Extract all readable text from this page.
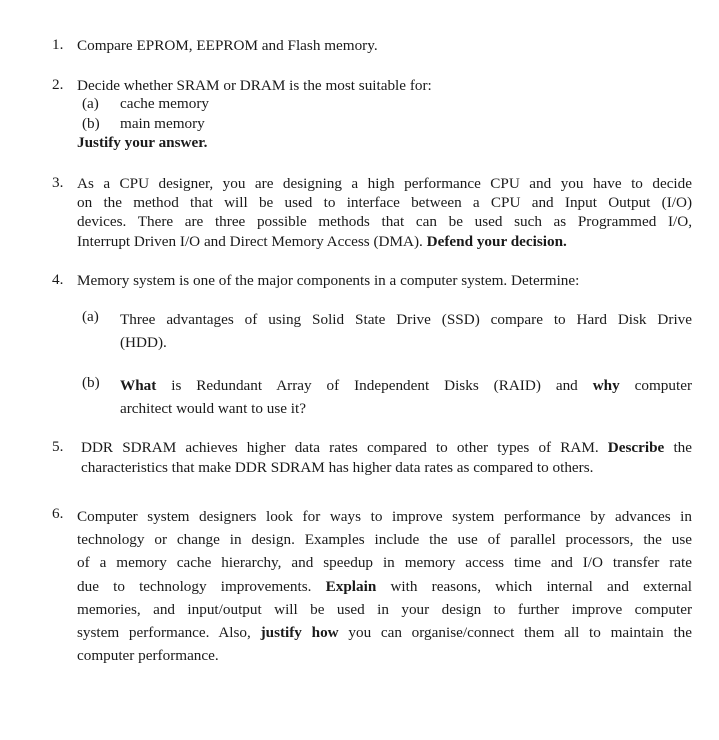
1. Compare EPROM, EEPROM and Flash memory.
2. Decide whether SRAM or DRAM is the most suitable for:
(a) cache memory
(b) main memory
Justify your answer.
3. As a CPU designer, you are designing a high performance CPU and you have to decide
on the method that will be used to interface between a CPU and Input Output (I/O)
devices. There are three possible methods that can be used such as Programmed I/O,
Interrupt Driven I/O and Direct Memory Access (DMA). Defend your decision.
4. Memory system is one of the major components in a computer system. Determine:
(a) Three advantages of using Solid State Drive (SSD) compare to Hard Disk Drive
(HDD).
(b) What is Redundant Array of Independent Disks (RAID) and why computer
architect would want to use it?
5. DDR SDRAM achieves higher data rates compared to other types of RAM. Describe the
characteristics that make DDR SDRAM has higher data rates as compared to others.
6. Computer system designers look for ways to improve system performance by advances in
technology or change in design. Examples include the use of parallel processors, the use
of a memory cache hierarchy, and speedup in memory access time and I/O transfer rate
due to technology improvements. Explain with reasons, which internal and external
memories, and input/output will be used in your design to further improve computer
system performance. Also, justify how you can organise/connect them all to maintain the
computer performance.
